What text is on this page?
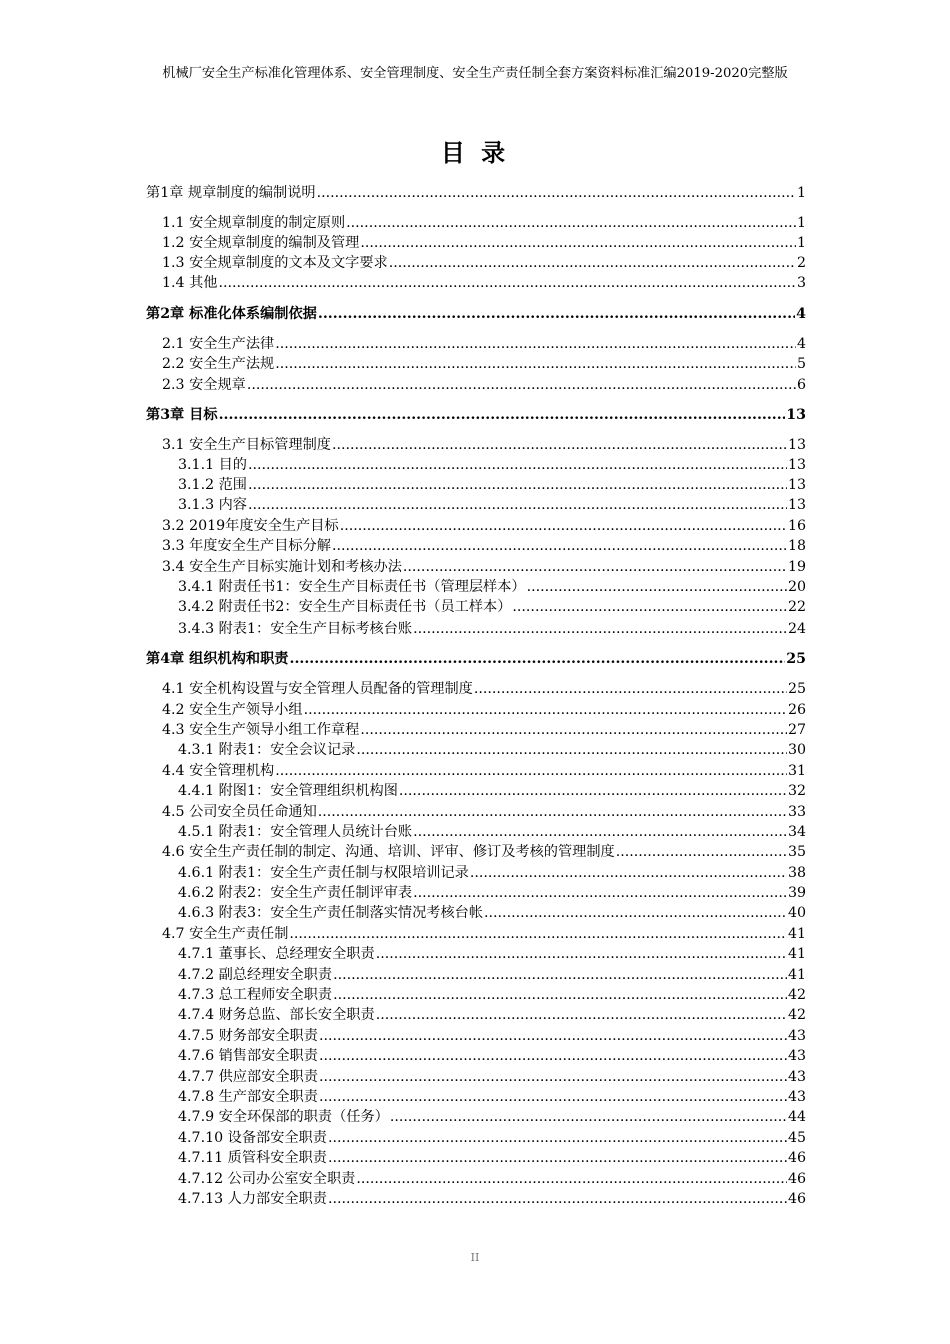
机械厂安全生产标准化管理体系、安全管理制度、安全生产责任制全套方案资料标准汇编2019-2020完整版
目 录
第1章 规章制度的编制说明 .....	1
1.1 安全规章制度的制定原则 .....	1
1.2 安全规章制度的编制及管理 .....	1
1.3 安全规章制度的文本及文字要求 .....	2
1.4 其他 .....	3
第2章 标准化体系编制依据 .....	4
2.1 安全生产法律 .....	4
2.2 安全生产法规 .....	5
2.3 安全规章 .....	6
第3章 目标 .....	13
3.1 安全生产目标管理制度 .....	13
3.1.1 目的 .....	13
3.1.2 范围 .....	13
3.1.3 内容 .....	13
3.2 2019年度安全生产目标 .....	16
3.3 年度安全生产目标分解 .....	18
3.4 安全生产目标实施计划和考核办法 .....	19
3.4.1 附责任书1：安全生产目标责任书（管理层样本） .....	20
3.4.2 附责任书2：安全生产目标责任书（员工样本） .....	22
3.4.3 附表1：安全生产目标考核台账 .....	24
第4章 组织机构和职责 .....	25
4.1 安全机构设置与安全管理人员配备的管理制度 .....	25
4.2 安全生产领导小组 .....	26
4.3 安全生产领导小组工作章程 .....	27
4.3.1 附表1：安全会议记录 .....	30
4.4 安全管理机构 .....	31
4.4.1 附图1：安全管理组织机构图 .....	32
4.5 公司安全员任命通知 .....	33
4.5.1 附表1：安全管理人员统计台账 .....	34
4.6 安全生产责任制的制定、沟通、培训、评审、修订及考核的管理制度 .....	35
4.6.1 附表1：安全生产责任制与权限培训记录 .....	38
4.6.2 附表2：安全生产责任制评审表 .....	39
4.6.3 附表3：安全生产责任制落实情况考核台帐 .....	40
4.7 安全生产责任制 .....	41
4.7.1 董事长、总经理安全职责 .....	41
4.7.2 副总经理安全职责 .....	41
4.7.3 总工程师安全职责 .....	42
4.7.4 财务总监、部长安全职责 .....	42
4.7.5 财务部安全职责 .....	43
4.7.6 销售部安全职责 .....	43
4.7.7 供应部安全职责 .....	43
4.7.8 生产部安全职责 .....	43
4.7.9 安全环保部的职责（任务） .....	44
4.7.10 设备部安全职责 .....	45
4.7.11 质管科安全职责 .....	46
4.7.12 公司办公室安全职责 .....	46
4.7.13 人力部安全职责 .....	46
II
